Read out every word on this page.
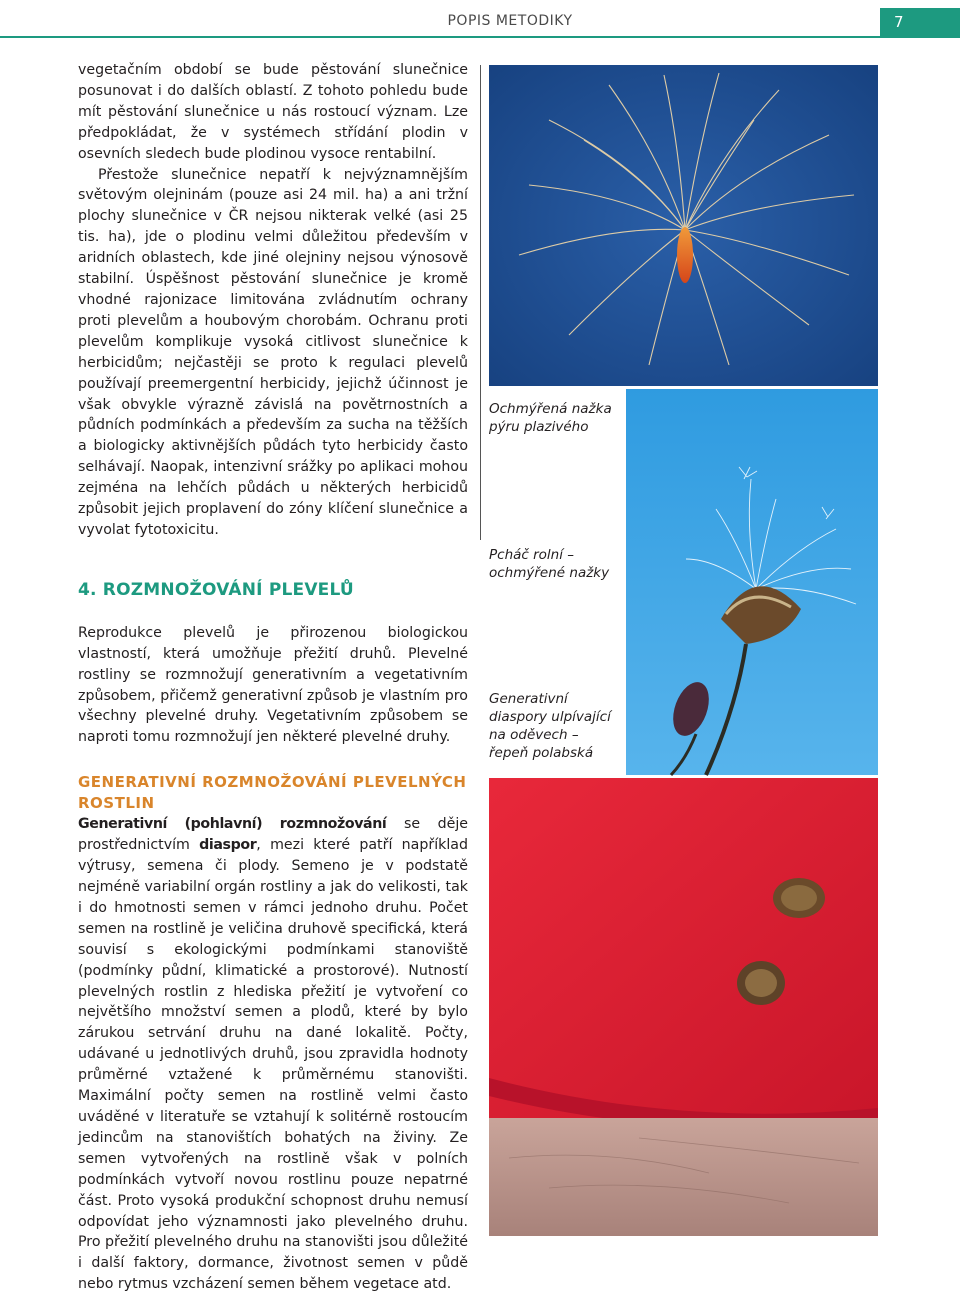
POPIS METODIKY	7

vegetačním období se bude pěstování slunečnice posunovat i do dalších oblastí. Z tohoto pohledu bude mít pěstování slunečnice u nás rostoucí význam. Lze předpokládat, že v systémech střídání plodin v osevních sledech bude plodinou vysoce rentabilní.

Přestože slunečnice nepatří k nejvýznamnějším světovým olejninám (pouze asi 24 mil. ha) a ani tržní plochy slunečnice v ČR nejsou nikterak velké (asi 25 tis. ha), jde o plodinu velmi důležitou především v aridních oblastech, kde jiné olejniny nejsou výnosově stabilní. Úspěšnost pěstování slunečnice je kromě vhodné rajonizace limitována zvládnutím ochrany proti plevelům a houbovým chorobám. Ochranu proti plevelům komplikuje vysoká citlivost slunečnice k herbicidům; nejčastěji se proto k regulaci plevelů používají preemergentní herbicidy, jejichž účinnost je však obvykle výrazně závislá na povětrnostních a půdních podmínkách a především za sucha na těžších a biologicky aktivnějších půdách tyto herbicidy často selhávají. Naopak, intenzivní srážky po aplikaci mohou zejména na lehčích půdách u některých herbicidů způsobit jejich proplavení do zóny klíčení slunečnice a vyvolat fytotoxicitu.

4. ROZMNOŽOVÁNÍ PLEVELŮ

Reprodukce plevelů je přirozenou biologickou vlastností, která umožňuje přežití druhů. Plevelné rostliny se rozmnožují generativním a vegetativním způsobem, přičemž generativní způsob je vlastním pro všechny plevelné druhy. Vegetativním způsobem se naproti tomu rozmnožují jen některé plevelné druhy.

GENERATIVNÍ ROZMNOŽOVÁNÍ PLEVELNÝCH ROSTLIN

Generativní (pohlavní) rozmnožování se děje prostřednictvím diaspor, mezi které patří například výtrusy, semena či plody. Semeno je v podstatě nejméně variabilní orgán rostliny a jak do velikosti, tak i do hmotnosti semen v rámci jednoho druhu. Počet semen na rostlině je veličina druhově specifická, která souvisí s ekologickými podmínkami stanoviště (podmínky půdní, klimatické a prostorové). Nutností plevelných rostlin z hlediska přežití je vytvoření co největšího množství semen a plodů, které by bylo zárukou setrvání druhu na dané lokalitě. Počty, udávané u jednotlivých druhů, jsou zpravidla hodnoty průměrné vztažené k průměrnému stanovišti. Maximální počty semen na rostlině velmi často uváděné v literatuře se vztahují k solitérně rostoucím jedincům na stanovištích bohatých na živiny. Ze semen vytvořených na rostlině však v polních podmínkách vytvoří novou rostlinu pouze nepatrné část. Proto vysoká produkční schopnost druhu nemusí odpovídat jeho významnosti jako plevelného druhu. Pro přežití plevelného druhu na stanovišti jsou důležité i další faktory, dormance, životnost semen v půdě nebo rytmus vzcházení semen během vegetace atd.

Ochmýřená nažka pýru plazivého
Pcháč rolní – ochmýřené nažky
Generativní diaspory ulpívající na oděvech – řepeň polabská
